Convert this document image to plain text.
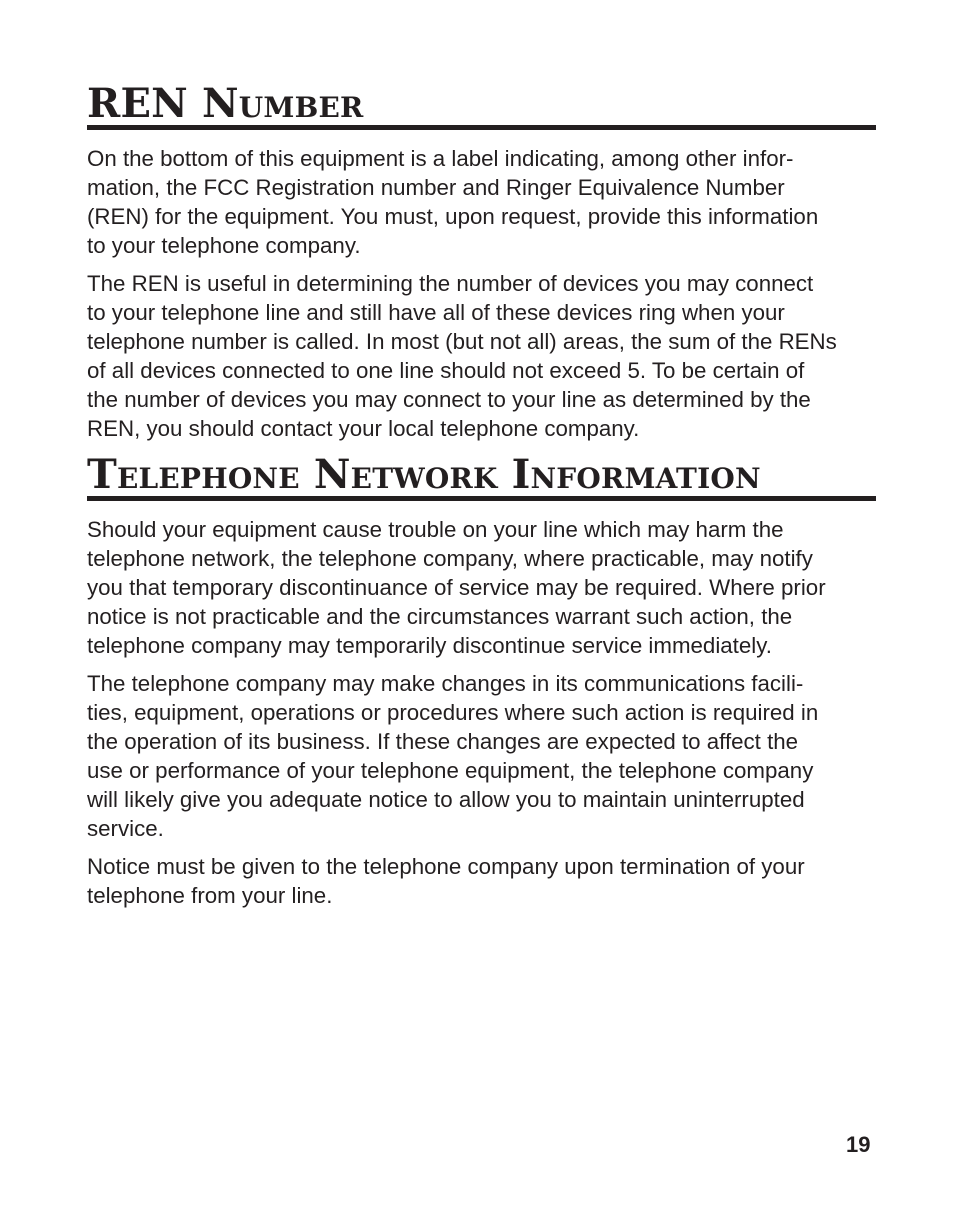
REN Number

On the bottom of this equipment is a label indicating, among other infor-
mation, the FCC Registration number and Ringer Equivalence Number
(REN) for the equipment. You must, upon request, provide this information
to your telephone company.

The REN is useful in determining the number of devices you may connect
to your telephone line and still have all of these devices ring when your
telephone number is called. In most (but not all) areas, the sum of the RENs
of all devices connected to one line should not exceed 5. To be certain of
the number of devices you may connect to your line as determined by the
REN, you should contact your local telephone company.

Telephone Network Information

Should your equipment cause trouble on your line which may harm the
telephone network, the telephone company, where practicable, may notify
you that temporary discontinuance of service may be required. Where prior
notice is not practicable and the circumstances warrant such action, the
telephone company may temporarily discontinue service immediately.

The telephone company may make changes in its communications facili-
ties, equipment, operations or procedures where such action is required in
the operation of its business. If these changes are expected to affect the
use or performance of your telephone equipment, the telephone company
will likely give you adequate notice to allow you to maintain uninterrupted
service.

Notice must be given to the telephone company upon termination of your
telephone from your line.

19
